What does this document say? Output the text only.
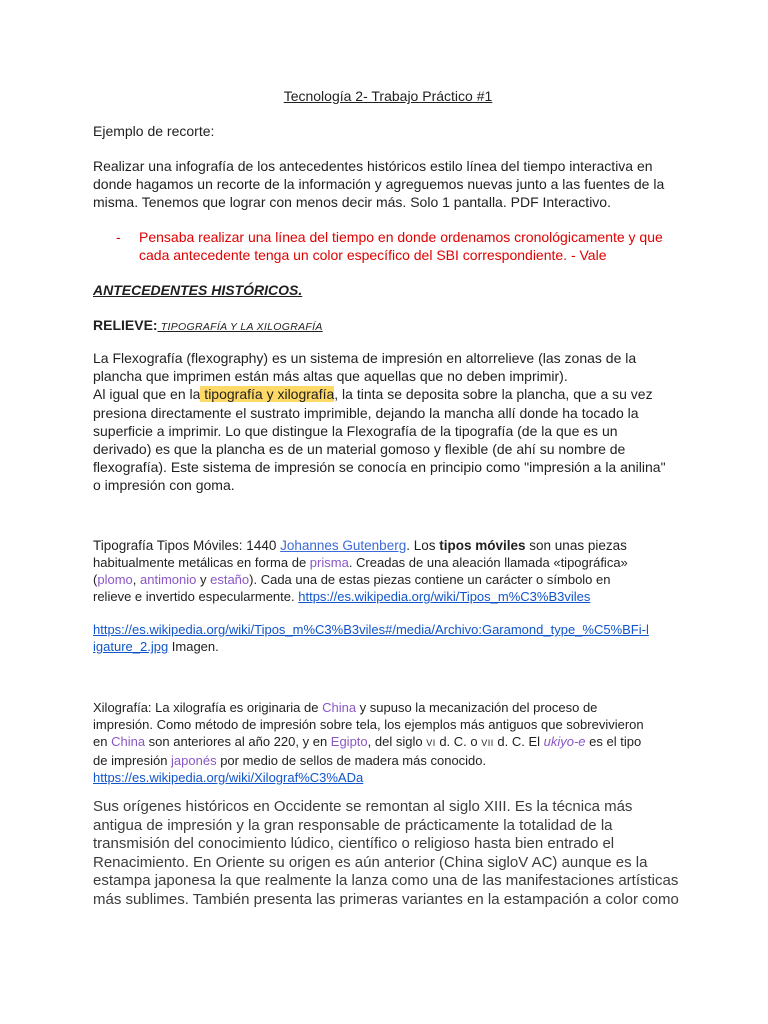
Tecnología 2- Trabajo Práctico #1
Ejemplo de recorte:
Realizar una infografía de los antecedentes históricos estilo línea del tiempo interactiva en
donde hagamos un recorte de la información y agreguemos nuevas junto a las fuentes de la
misma. Tenemos que lograr con menos decir más. Solo 1 pantalla. PDF Interactivo.
-	Pensaba realizar una línea del tiempo en donde ordenamos cronológicamente y que
cada antecedente tenga un color específico del SBI correspondiente. - Vale
ANTECEDENTES HISTÓRICOS.
RELIEVE: TIPOGRAFÍA Y LA XILOGRAFÍA
La Flexografía (flexography) es un sistema de impresión en altorrelieve (las zonas de la
plancha que imprimen están más altas que aquellas que no deben imprimir).
Al igual que en la tipografía y xilografía, la tinta se deposita sobre la plancha, que a su vez
presiona directamente el sustrato imprimible, dejando la mancha allí donde ha tocado la
superficie a imprimir. Lo que distingue la Flexografía de la tipografía (de la que es un
derivado) es que la plancha es de un material gomoso y flexible (de ahí su nombre de
flexografía). Este sistema de impresión se conocía en principio como "impresión a la anilina"
o impresión con goma.
Tipografía Tipos Móviles: 1440 Johannes Gutenberg. Los tipos móviles son unas piezas
habitualmente metálicas en forma de prisma. Creadas de una aleación llamada «tipográfica»
(plomo, antimonio y estaño). Cada una de estas piezas contiene un carácter o símbolo en
relieve e invertido especularmente. https://es.wikipedia.org/wiki/Tipos_m%C3%B3viles
https://es.wikipedia.org/wiki/Tipos_m%C3%B3viles#/media/Archivo:Garamond_type_%C5%BFi-l
igature_2.jpg Imagen.
Xilografía: La xilografía es originaria de China y supuso la mecanización del proceso de
impresión. Como método de impresión sobre tela, los ejemplos más antiguos que sobrevivieron
en China son anteriores al año 220, y en Egipto, del siglo VI d. C. o VII d. C. El ukiyo-e es el tipo
de impresión japonés por medio de sellos de madera más conocido.
https://es.wikipedia.org/wiki/Xilograf%C3%ADa
Sus orígenes históricos en Occidente se remontan al siglo XIII. Es la técnica más
antigua de impresión y la gran responsable de prácticamente la totalidad de la
transmisión del conocimiento lúdico, científico o religioso hasta bien entrado el
Renacimiento. En Oriente su origen es aún anterior (China sigloV AC) aunque es la
estampa japonesa la que realmente la lanza como una de las manifestaciones artísticas
más sublimes. También presenta las primeras variantes en la estampación a color como
